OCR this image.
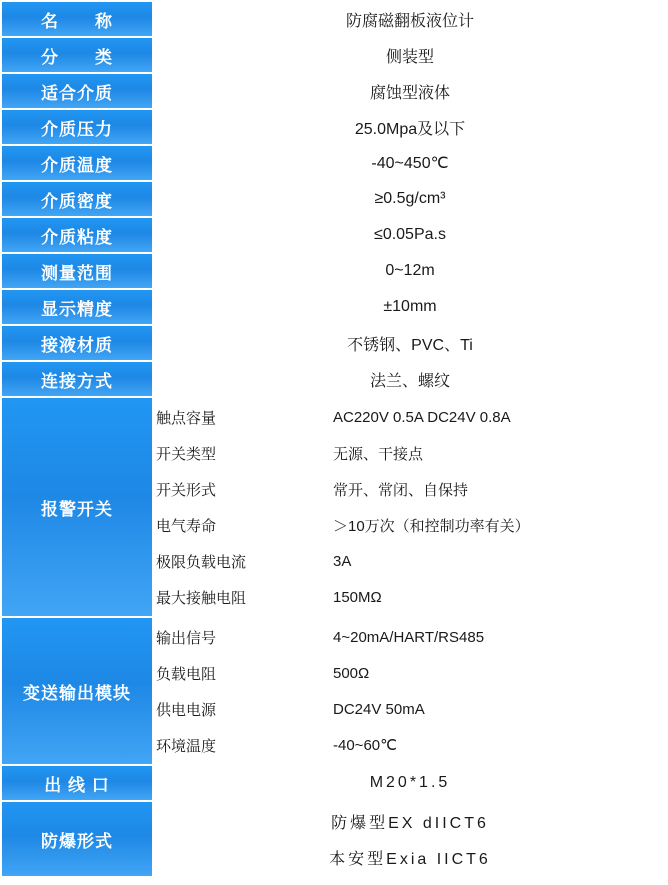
名　　称	防腐磁翻板液位计
分　　类	侧装型
适合介质	腐蚀型液体
介质压力	25.0Mpa及以下
介质温度	-40~450℃
介质密度	≥0.5g/cm³
介质粘度	≤0.05Pa.s
测量范围	0~12m
显示精度	±10mm
接液材质	不锈钢、PVC、Ti
连接方式	法兰、螺纹
报警开关	
触点容量	AC220V 0.5A DC24V 0.8A
开关类型	无源、干接点
开关形式	常开、常闭、自保持
电气寿命	＞10万次（和控制功率有关）
极限负载电流	3A
最大接触电阻	150MΩ

变送输出模块	
输出信号	4~20mA/HART/RS485
负载电阻	500Ω
供电电源	DC24V 50mA
环境温度	-40~60℃

出 线 口	M20*1.5
防爆形式	
防爆型EX dIICT6
本安型Exia IICT6
